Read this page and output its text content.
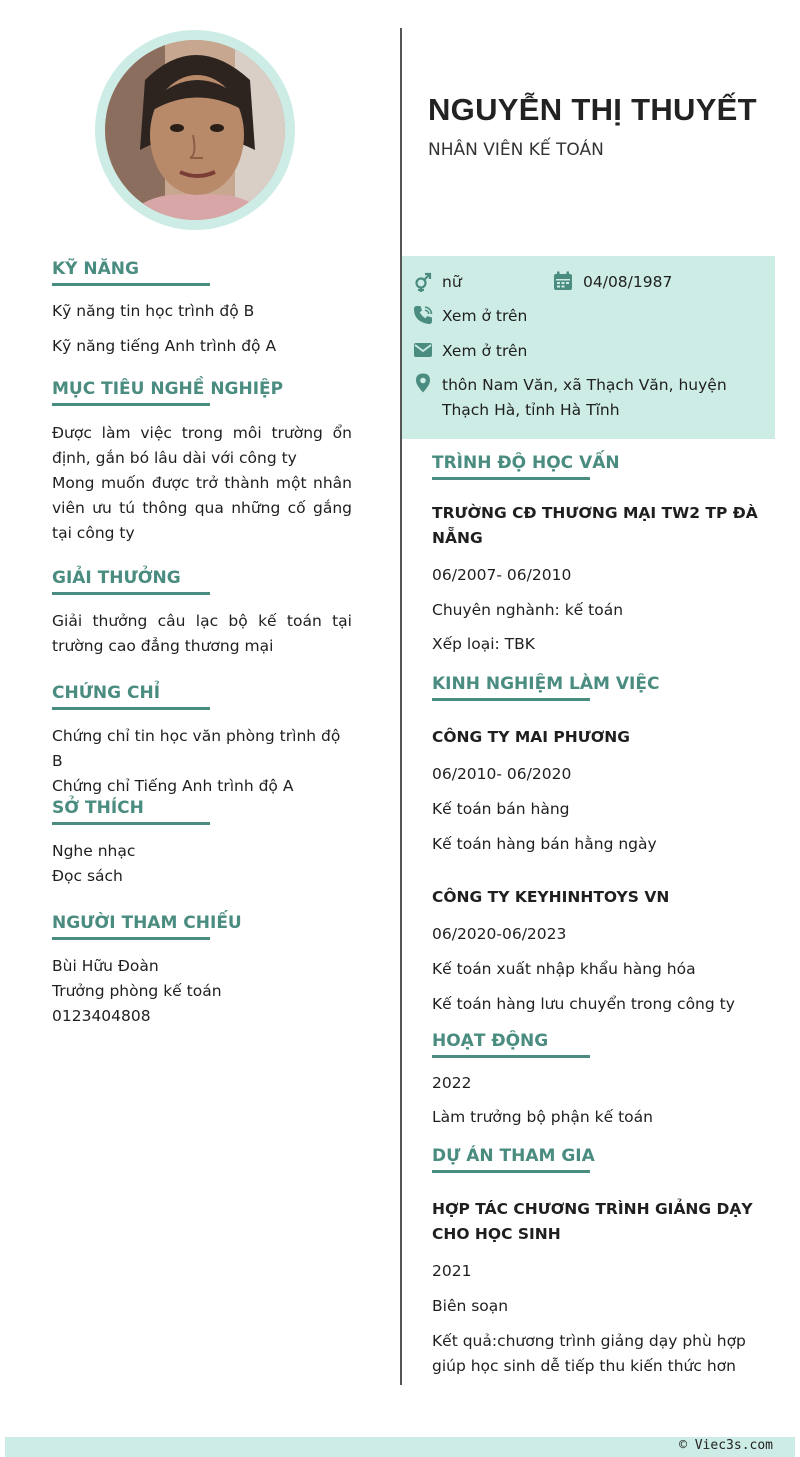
KỸ NĂNG
Kỹ năng tin học trình độ B
Kỹ năng tiếng Anh trình độ A
MỤC TIÊU NGHỀ NGHIỆP
Được làm việc trong môi trường ổn định, gắn bó lâu dài với công ty
Mong muốn được trở thành một nhân viên ưu tú thông qua những cố gắng tại công ty
GIẢI THƯỞNG
Giải thưởng câu lạc bộ kế toán tại trường cao đẳng thương mại
CHỨNG CHỈ
Chứng chỉ tin học văn phòng trình độ B
Chứng chỉ Tiếng Anh trình độ A
SỞ THÍCH
Nghe nhạc
Đọc sách
NGƯỜI THAM CHIẾU
Bùi Hữu Đoàn
Trưởng phòng kế toán
0123404808
NGUYỄN THỊ THUYẾT
NHÂN VIÊN KẾ TOÁN
nữ	04/08/1987
Xem ở trên
Xem ở trên
thôn Nam Văn, xã Thạch Văn, huyện
Thạch Hà, tỉnh Hà Tĩnh
TRÌNH ĐỘ HỌC VẤN
TRƯỜNG CĐ THƯƠNG MẠI TW2 TP ĐÀ NẴNG
06/2007- 06/2010
Chuyên nghành: kế toán
Xếp loại: TBK
KINH NGHIỆM LÀM VIỆC
CÔNG TY MAI PHƯƠNG
06/2010- 06/2020
Kế toán bán hàng
Kế toán hàng bán hằng ngày
CÔNG TY KEYHINHTOYS VN
06/2020-06/2023
Kế toán xuất nhập khẩu hàng hóa
Kế toán hàng lưu chuyển trong công ty
HOẠT ĐỘNG
2022
Làm trưởng bộ phận kế toán
DỰ ÁN THAM GIA
HỢP TÁC CHƯƠNG TRÌNH GIẢNG DẠY CHO HỌC SINH
2021
Biên soạn
Kết quả:chương trình giảng dạy phù hợp giúp học sinh dễ tiếp thu kiến thức hơn
© Viec3s.com
